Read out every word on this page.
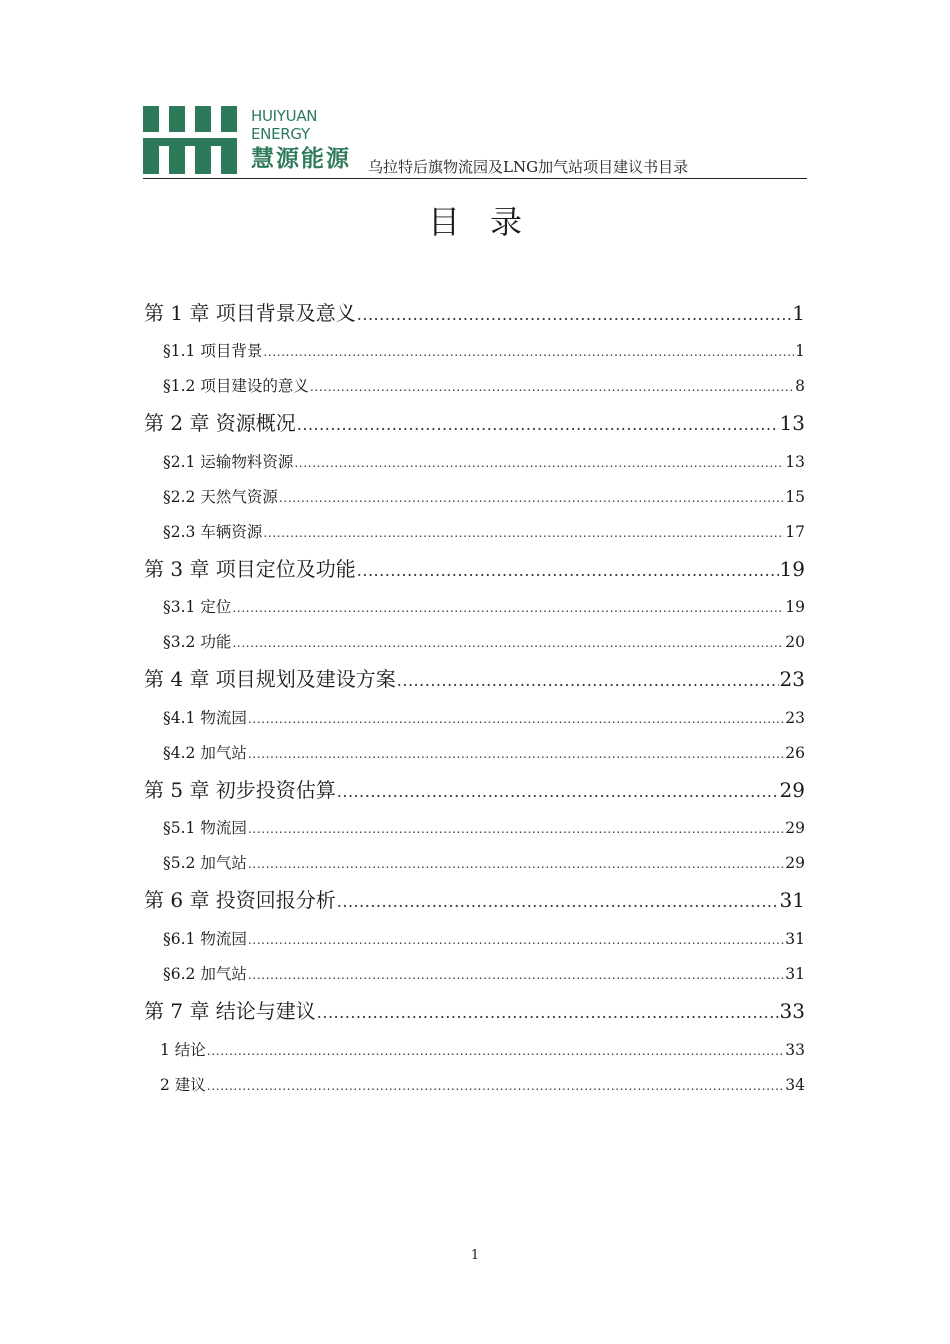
HUIYUAN
ENERGY
慧源能源 乌拉特后旗物流园及LNG加气站项目建议书目录
目录
第 1 章 项目背景及意义 .....	1
§1.1 项目背景 .....	1
§1.2 项目建设的意义 .....	8
第 2 章 资源概况 .....	13
§2.1 运输物料资源 .....	13
§2.2 天然气资源 .....	15
§2.3 车辆资源 .....	17
第 3 章 项目定位及功能 .....	19
§3.1 定位 .....	19
§3.2 功能 .....	20
第 4 章 项目规划及建设方案 .....	23
§4.1 物流园 .....	23
§4.2 加气站 .....	26
第 5 章 初步投资估算 .....	29
§5.1 物流园 .....	29
§5.2 加气站 .....	29
第 6 章 投资回报分析 .....	31
§6.1 物流园 .....	31
§6.2 加气站 .....	31
第 7 章 结论与建议 .....	33
1 结论 .....	33
2 建议 .....	34
1
